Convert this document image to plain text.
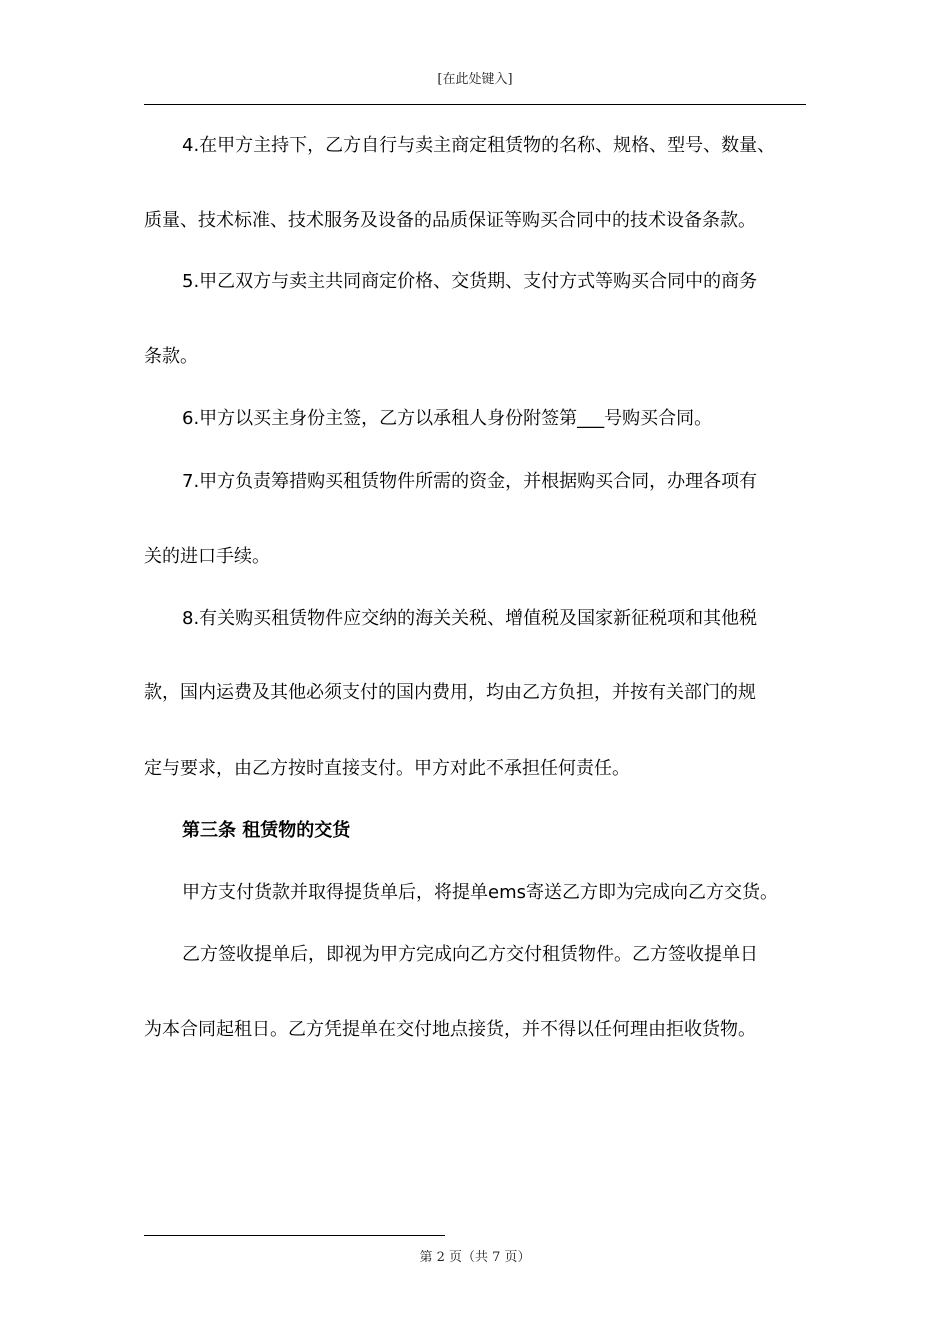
[在此处键入]
4.在甲方主持下，乙方自行与卖主商定租赁物的名称、规格、型号、数量、
质量、技术标准、技术服务及设备的品质保证等购买合同中的技术设备条款。
5.甲乙双方与卖主共同商定价格、交货期、支付方式等购买合同中的商务
条款。
6.甲方以买主身份主签，乙方以承租人身份附签第___号购买合同。
7.甲方负责筹措购买租赁物件所需的资金，并根据购买合同，办理各项有
关的进口手续。
8.有关购买租赁物件应交纳的海关关税、增值税及国家新征税项和其他税
款，国内运费及其他必须支付的国内费用，均由乙方负担，并按有关部门的规
定与要求，由乙方按时直接支付。甲方对此不承担任何责任。
第三条 租赁物的交货
甲方支付货款并取得提货单后，将提单ems寄送乙方即为完成向乙方交货。
乙方签收提单后，即视为甲方完成向乙方交付租赁物件。乙方签收提单日
为本合同起租日。乙方凭提单在交付地点接货，并不得以任何理由拒收货物。
第 2 页（共 7 页）
